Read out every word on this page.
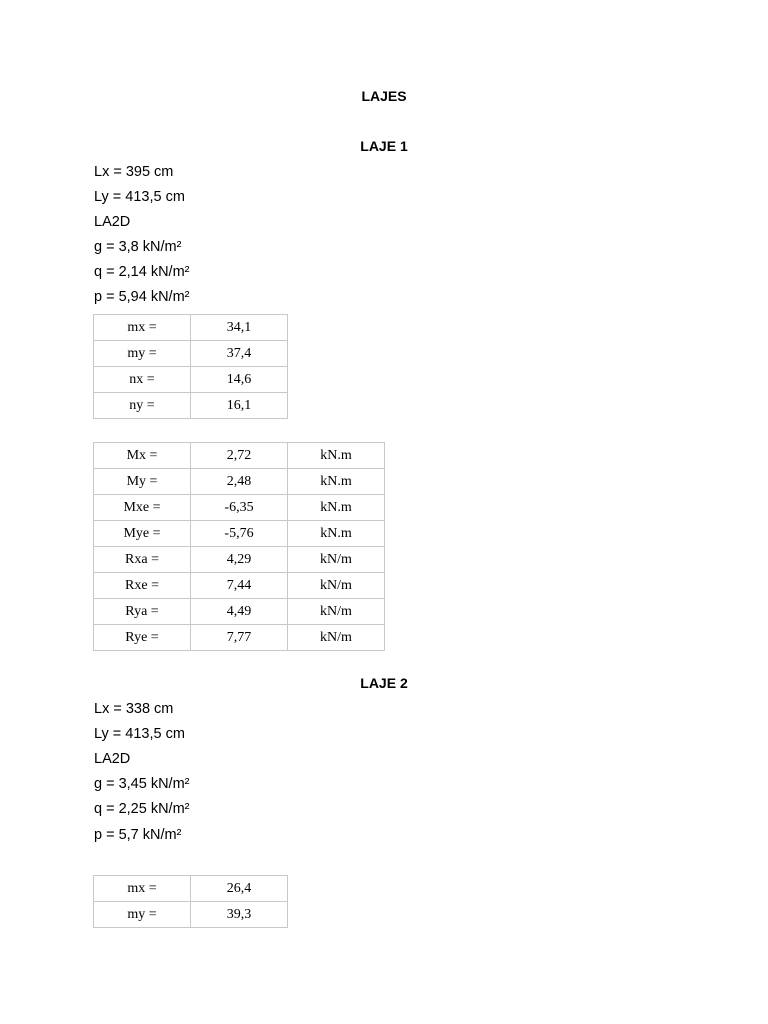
LAJES
LAJE 1
Lx = 395 cm
Ly = 413,5 cm
LA2D
g = 3,8 kN/m²
q = 2,14 kN/m²
p = 5,94 kN/m²
mx =	34,1
my =	37,4
nx =	14,6
ny =	16,1
Mx =	2,72	kN.m
My =	2,48	kN.m
Mxe =	-6,35	kN.m
Mye =	-5,76	kN.m
Rxa =	4,29	kN/m
Rxe =	7,44	kN/m
Rya =	4,49	kN/m
Rye =	7,77	kN/m
LAJE 2
Lx = 338 cm
Ly = 413,5 cm
LA2D
g = 3,45 kN/m²
q = 2,25 kN/m²
p = 5,7 kN/m²
mx =	26,4
my =	39,3
